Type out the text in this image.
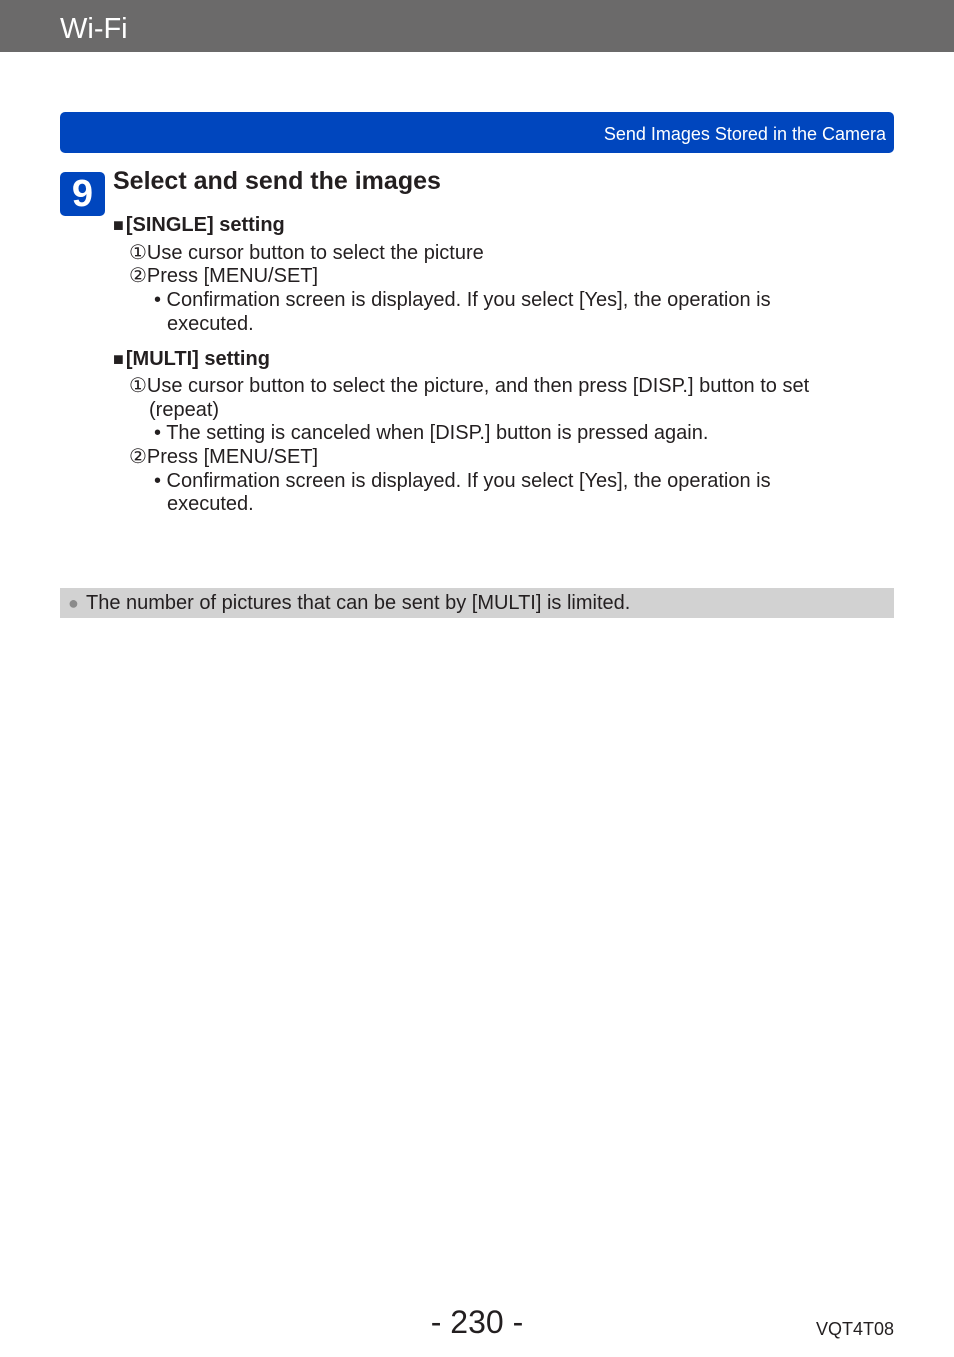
Wi-Fi
Send Images Stored in the Camera
9 Select and send the images
■ [SINGLE] setting
①Use cursor button to select the picture
②Press [MENU/SET]
• Confirmation screen is displayed. If you select [Yes], the operation is
executed.
■ [MULTI] setting
①Use cursor button to select the picture, and then press [DISP.] button to set
(repeat)
• The setting is canceled when [DISP.] button is pressed again.
②Press [MENU/SET]
• Confirmation screen is displayed. If you select [Yes], the operation is
executed.
● The number of pictures that can be sent by [MULTI] is limited.
- 230 -	VQT4T08
